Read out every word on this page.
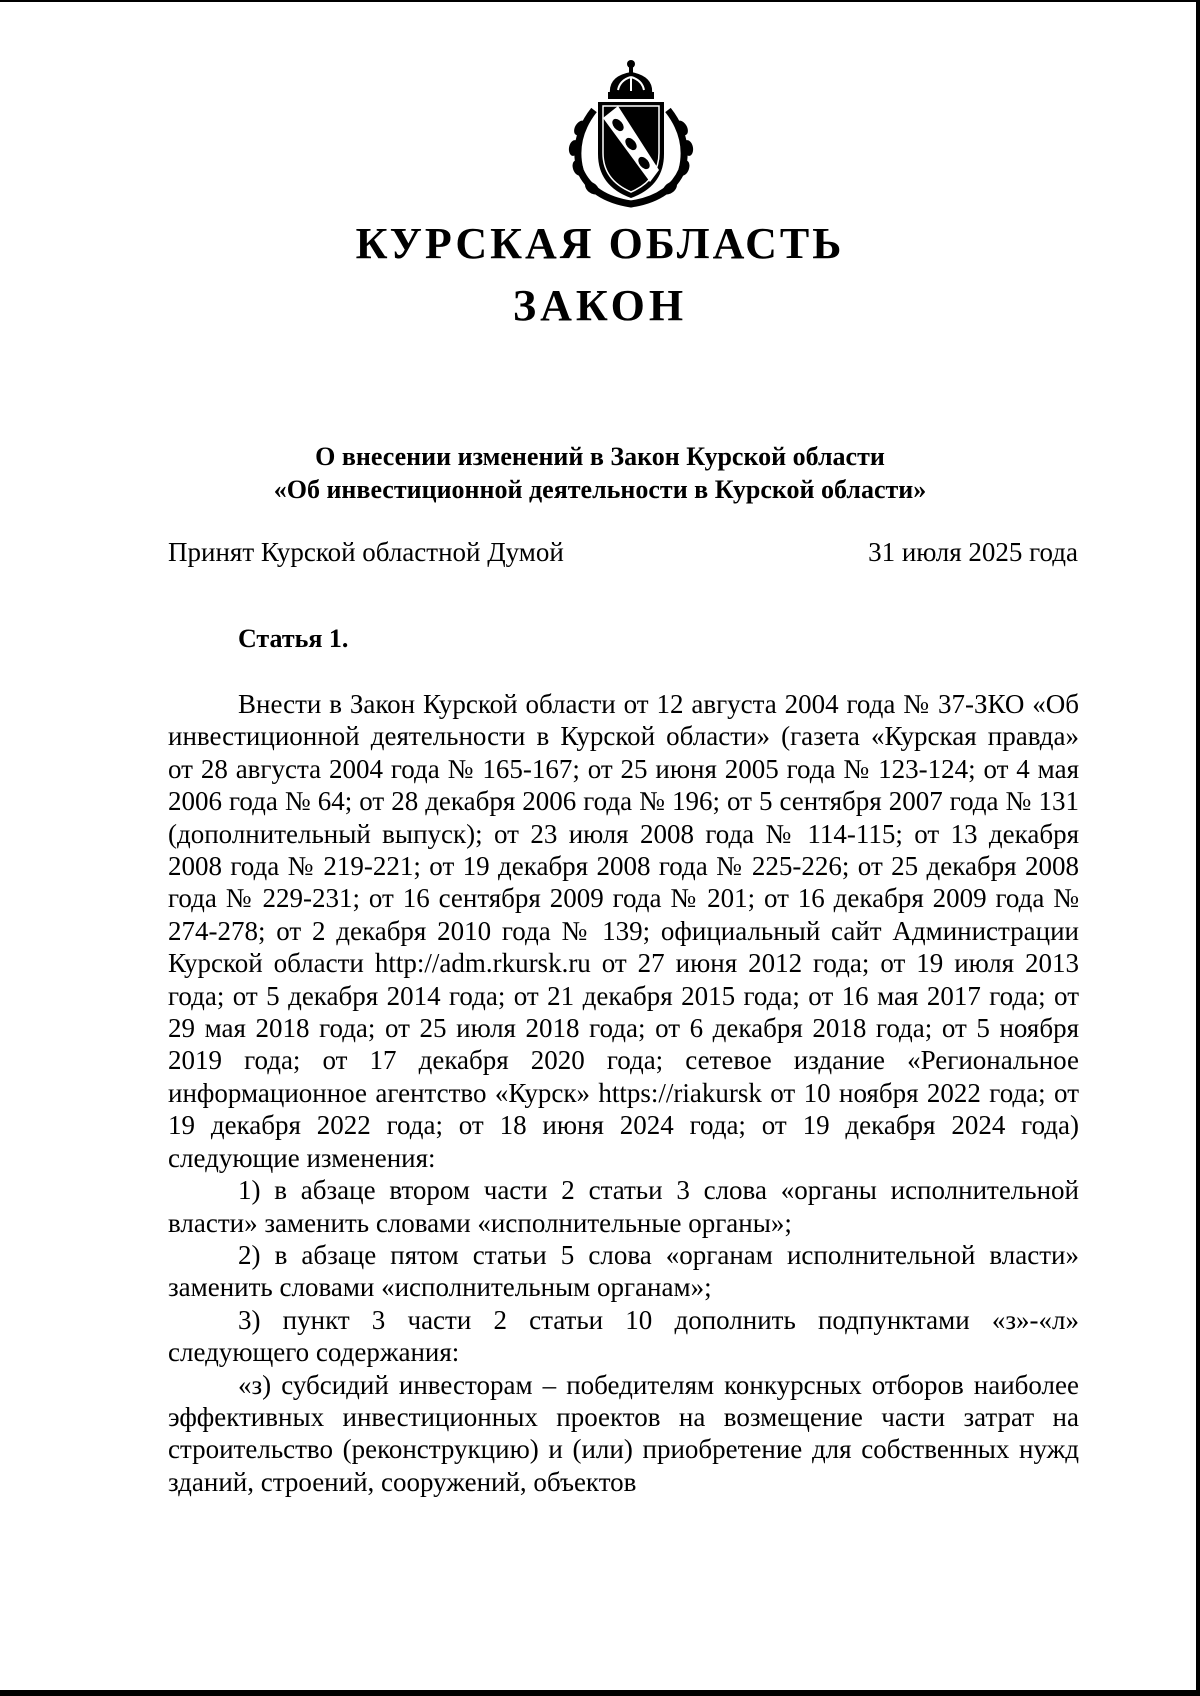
КУРСКАЯ ОБЛАСТЬ
ЗАКОН
О внесении изменений в Закон Курской области
«Об инвестиционной деятельности в Курской области»
Принят Курской областной Думой	31 июля 2025 года
Статья 1.

Внести в Закон Курской области от 12 августа 2004 года № 37-ЗКО «Об инвестиционной деятельности в Курской области» (газета «Курская правда» от 28 августа 2004 года № 165-167; от 25 июня 2005 года № 123-124; от 4 мая 2006 года № 64; от 28 декабря 2006 года № 196; от 5 сентября 2007 года № 131 (дополнительный выпуск); от 23 июля 2008 года № 114-115; от 13 декабря 2008 года № 219-221; от 19 декабря 2008 года № 225-226; от 25 декабря 2008 года № 229-231; от 16 сентября 2009 года № 201; от 16 декабря 2009 года № 274-278; от 2 декабря 2010 года № 139; официальный сайт Администрации Курской области http://adm.rkursk.ru от 27 июня 2012 года; от 19 июля 2013 года; от 5 декабря 2014 года; от 21 декабря 2015 года; от 16 мая 2017 года; от 29 мая 2018 года; от 25 июля 2018 года; от 6 декабря 2018 года; от 5 ноября 2019 года; от 17 декабря 2020 года; сетевое издание «Региональное информационное агентство «Курск» https://riakursk от 10 ноября 2022 года; от 19 декабря 2022 года; от 18 июня 2024 года; от 19 декабря 2024 года) следующие изменения:

1) в абзаце втором части 2 статьи 3 слова «органы исполнительной власти» заменить словами «исполнительные органы»;

2) в абзаце пятом статьи 5 слова «органам исполнительной власти» заменить словами «исполнительным органам»;

3) пункт 3 части 2 статьи 10 дополнить подпунктами «з»-«л» следующего содержания:

«з) субсидий инвесторам – победителям конкурсных отборов наиболее эффективных инвестиционных проектов на возмещение части затрат на строительство (реконструкцию) и (или) приобретение для собственных нужд зданий, строений, сооружений, объектов
